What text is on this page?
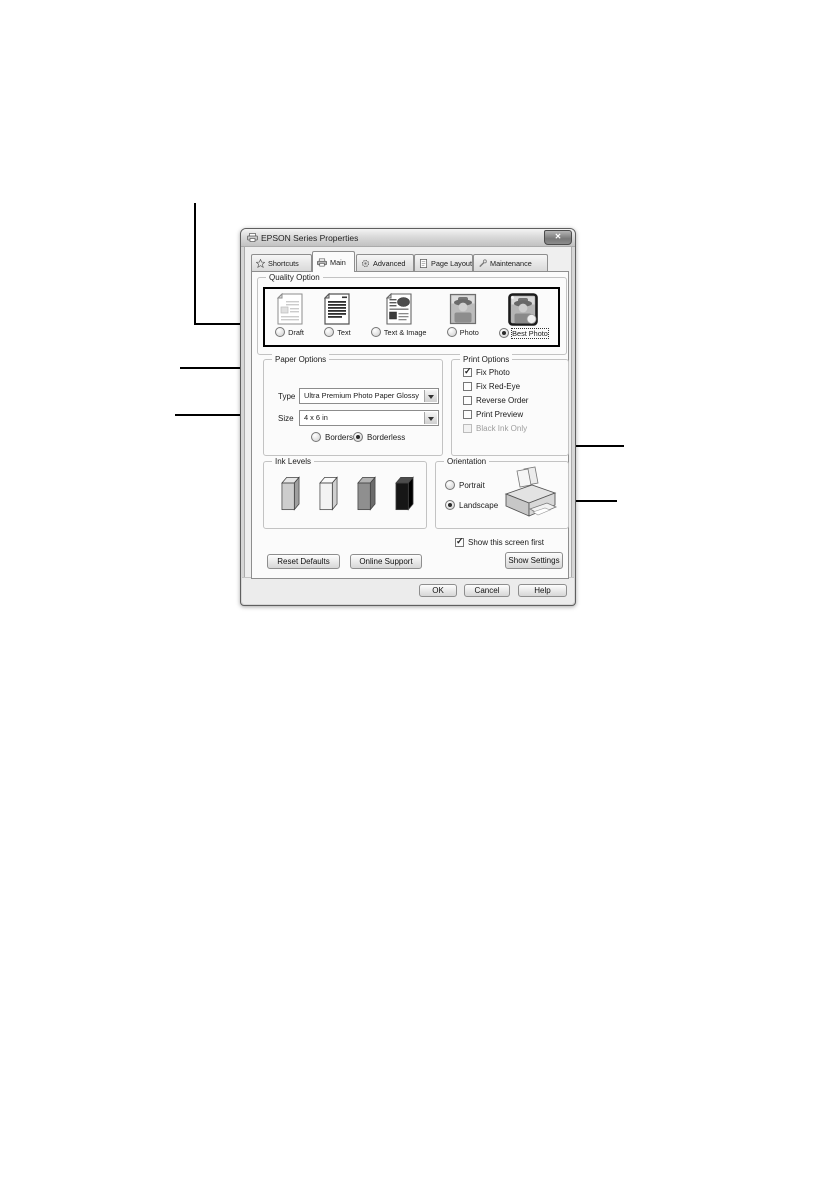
EPSON Series Properties	✕
Shortcuts	Main	Advanced	Page Layout Maintenance
Quality Option
Draft	Text	Text & Image	Photo	Best Photo
Paper Options
Type	Ultra Premium Photo Paper Glossy
Size	4 x 6 in
Borders Borderless
Print Options
✓
Fix Photo
Fix Red-Eye
Reverse Order
Print Preview
Black Ink Only
Ink Levels	Orientation
Portrait
Landscape
✓
Show this screen first
Reset Defaults	Online Support	Show Settings
OK	Cancel	Help
